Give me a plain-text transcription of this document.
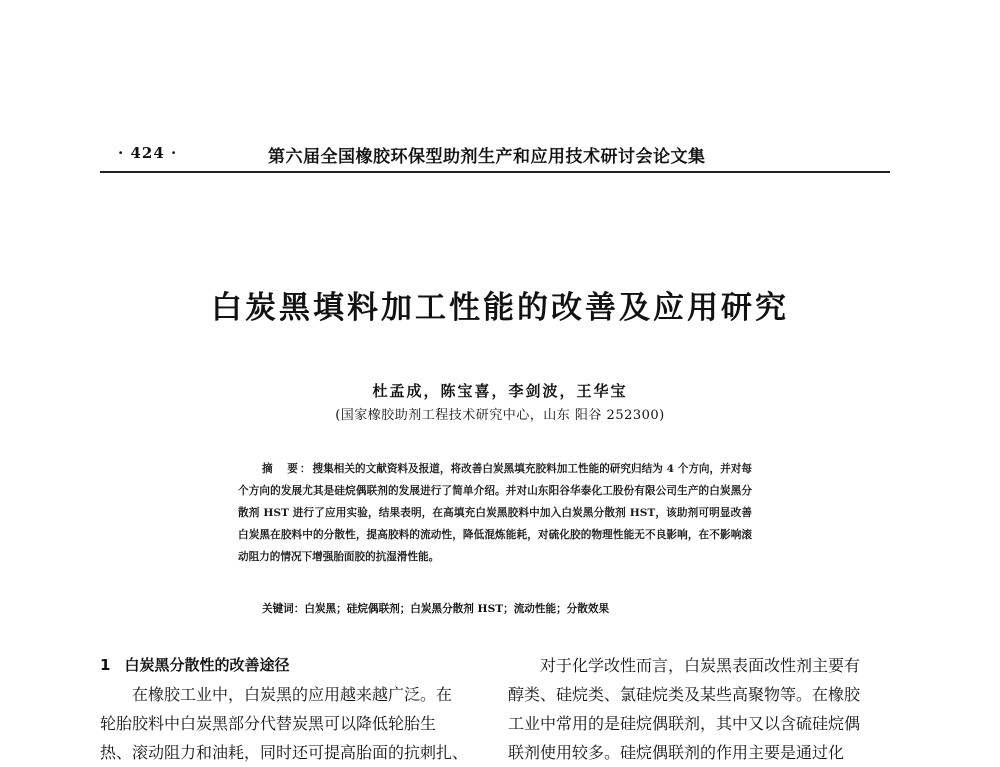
· 424 ·	第六届全国橡胶环保型助剂生产和应用技术研讨会论文集
白炭黑填料加工性能的改善及应用研究
杜孟成，陈宝喜，李剑波，王华宝
(国家橡胶助剂工程技术研究中心，山东 阳谷 252300)
摘　要：搜集相关的文献资料及报道，将改善白炭黑填充胶料加工性能的研究归结为 4 个方向，并对每个方向的发展尤其是硅烷偶联剂的发展进行了简单介绍。并对山东阳谷华泰化工股份有限公司生产的白炭黑分散剂 HST 进行了应用实验，结果表明，在高填充白炭黑胶料中加入白炭黑分散剂 HST，该助剂可明显改善白炭黑在胶料中的分散性，提高胶料的流动性，降低混炼能耗，对硫化胶的物理性能无不良影响，在不影响滚动阻力的情况下增强胎面胶的抗湿滑性能。
关键词：白炭黑；硅烷偶联剂；白炭黑分散剂 HST；流动性能；分散效果
1 白炭黑分散性的改善途径
在橡胶工业中，白炭黑的应用越来越广泛。在
轮胎胶料中白炭黑部分代替炭黑可以降低轮胎生
热、滚动阻力和油耗，同时还可提高胎面的抗刺扎、
对于化学改性而言，白炭黑表面改性剂主要有
醇类、硅烷类、氯硅烷类及某些高聚物等。在橡胶
工业中常用的是硅烷偶联剂，其中又以含硫硅烷偶
联剂使用较多。硅烷偶联剂的作用主要是通过化
